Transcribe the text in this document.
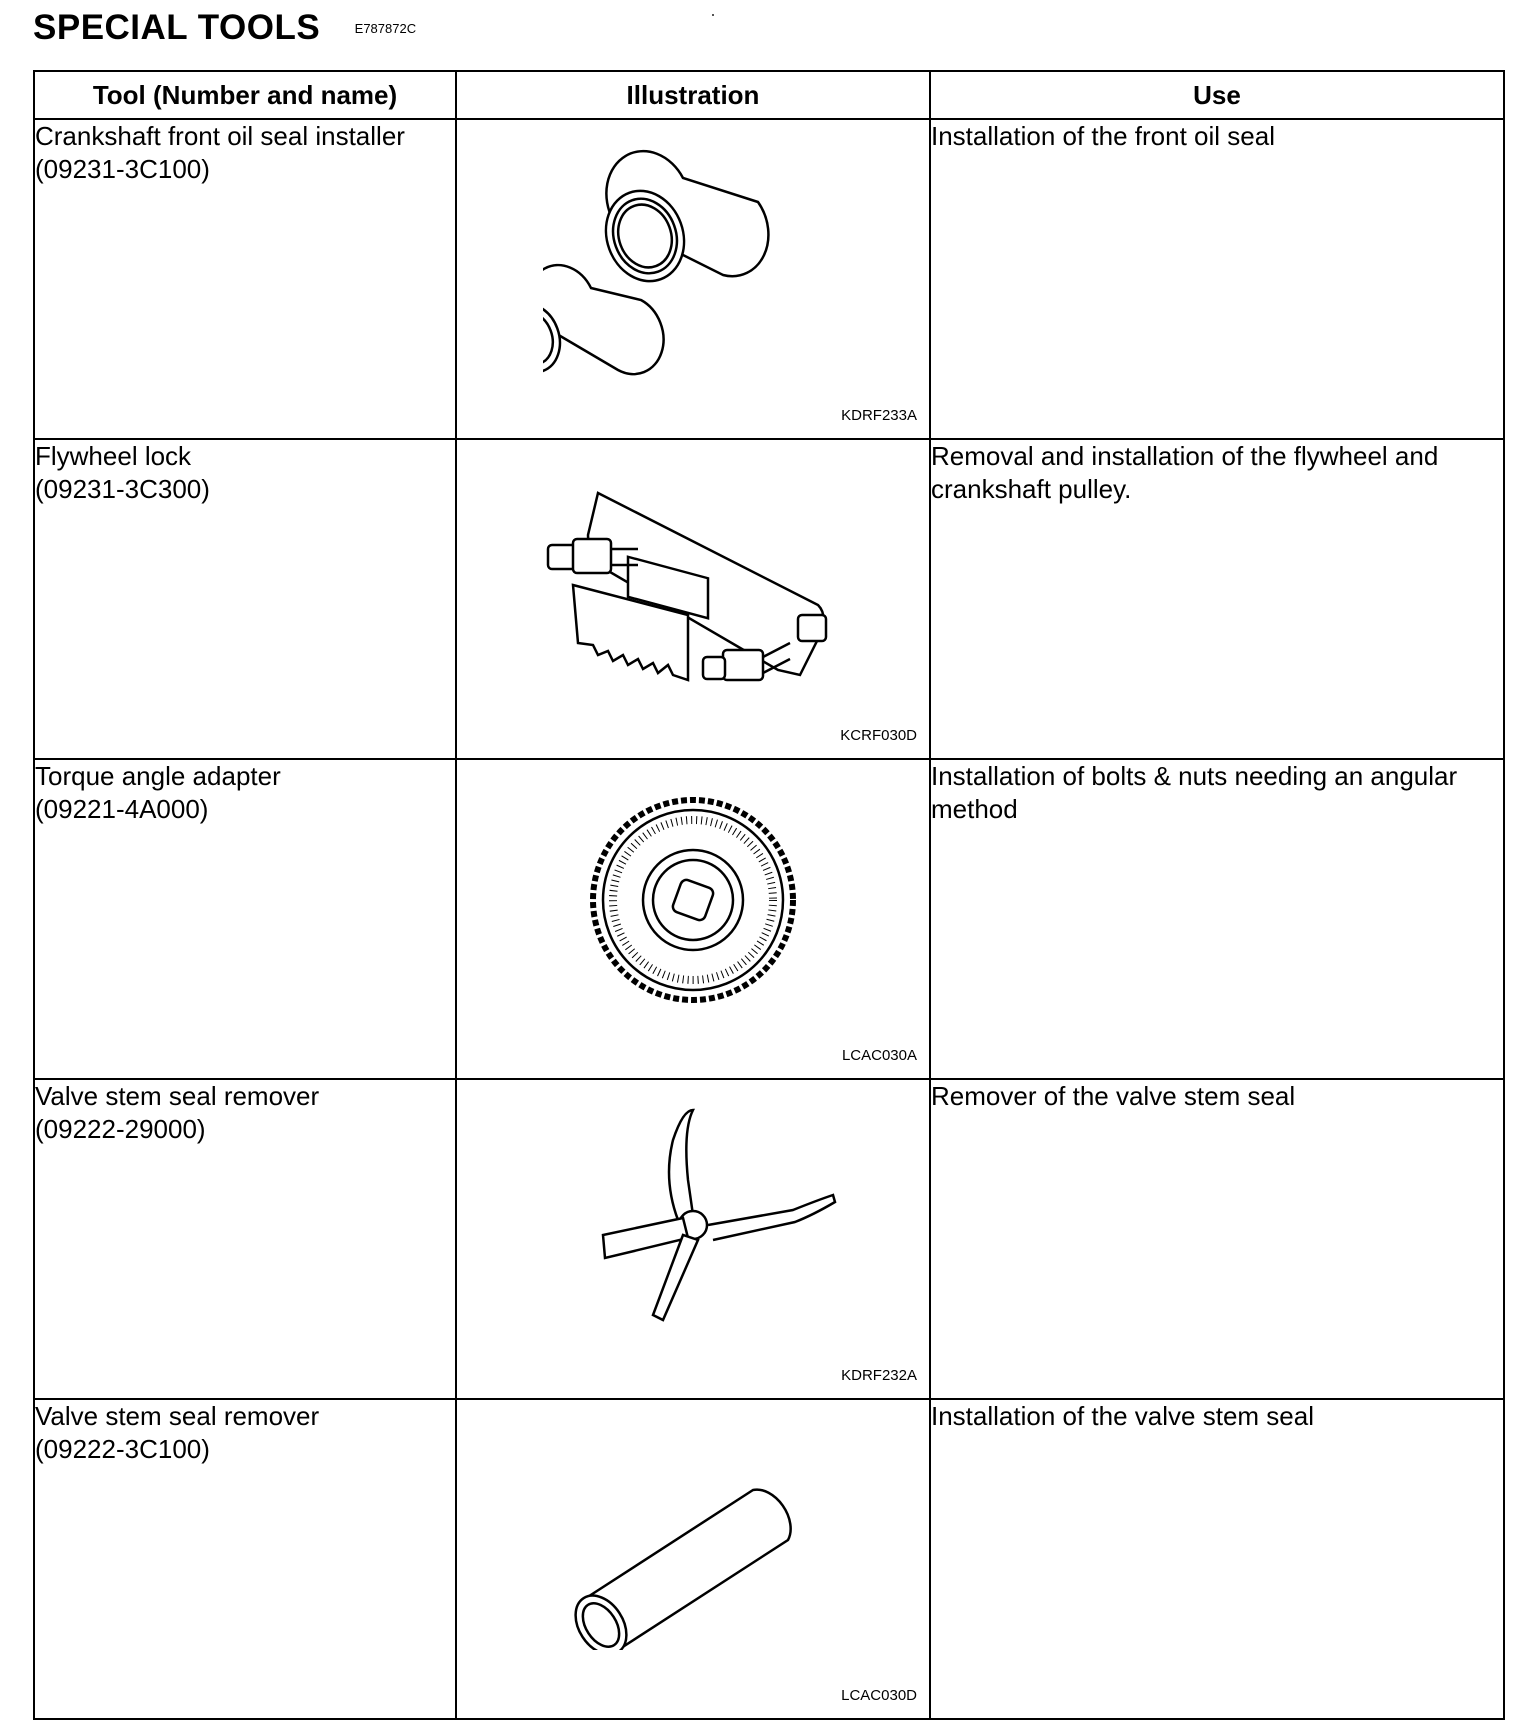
SPECIAL TOOLS	E787872C
Tool (Number and name)	Illustration	Use

Crankshaft front oil seal installer
(09231-3C100)	KDRF233A	Installation of the front oil seal

Flywheel lock
(09231-3C300)	KCRF030D	Removal and installation of the flywheel and crankshaft pulley.

Torque angle adapter
(09221-4A000)	LCAC030A	Installation of bolts & nuts needing an angular method

Valve stem seal remover
(09222-29000)	KDRF232A	Remover of the valve stem seal

Valve stem seal remover
(09222-3C100)	LCAC030D	Installation of the valve stem seal
